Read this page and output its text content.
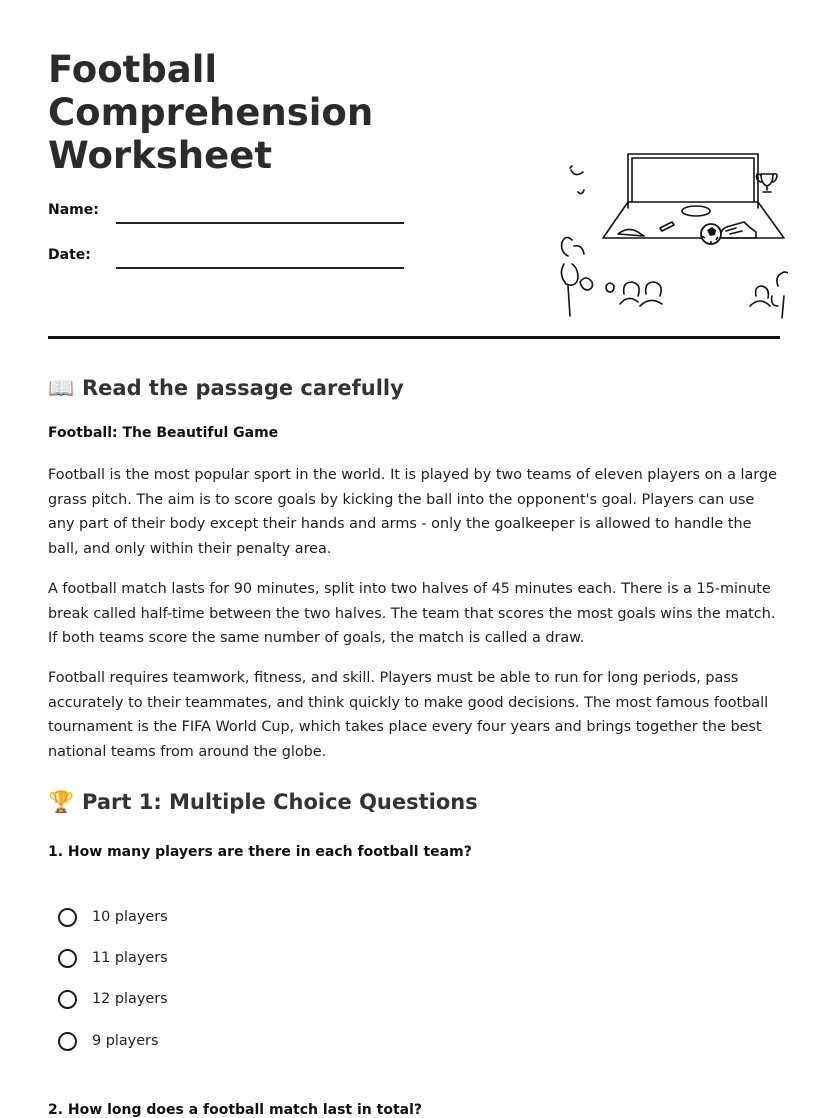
Football Comprehension Worksheet
Name:
Date:
📖 Read the passage carefully
Football: The Beautiful Game

Football is the most popular sport in the world. It is played by two teams of eleven players on a large grass pitch. The aim is to score goals by kicking the ball into the opponent's goal. Players can use any part of their body except their hands and arms - only the goalkeeper is allowed to handle the ball, and only within their penalty area.

A football match lasts for 90 minutes, split into two halves of 45 minutes each. There is a 15-minute break called half-time between the two halves. The team that scores the most goals wins the match. If both teams score the same number of goals, the match is called a draw.

Football requires teamwork, fitness, and skill. Players must be able to run for long periods, pass accurately to their teammates, and think quickly to make good decisions. The most famous football tournament is the FIFA World Cup, which takes place every four years and brings together the best national teams from around the globe.

🏆 Part 1: Multiple Choice Questions
1. How many players are there in each football team?
10 players
11 players
12 players
9 players
2. How long does a football match last in total?
